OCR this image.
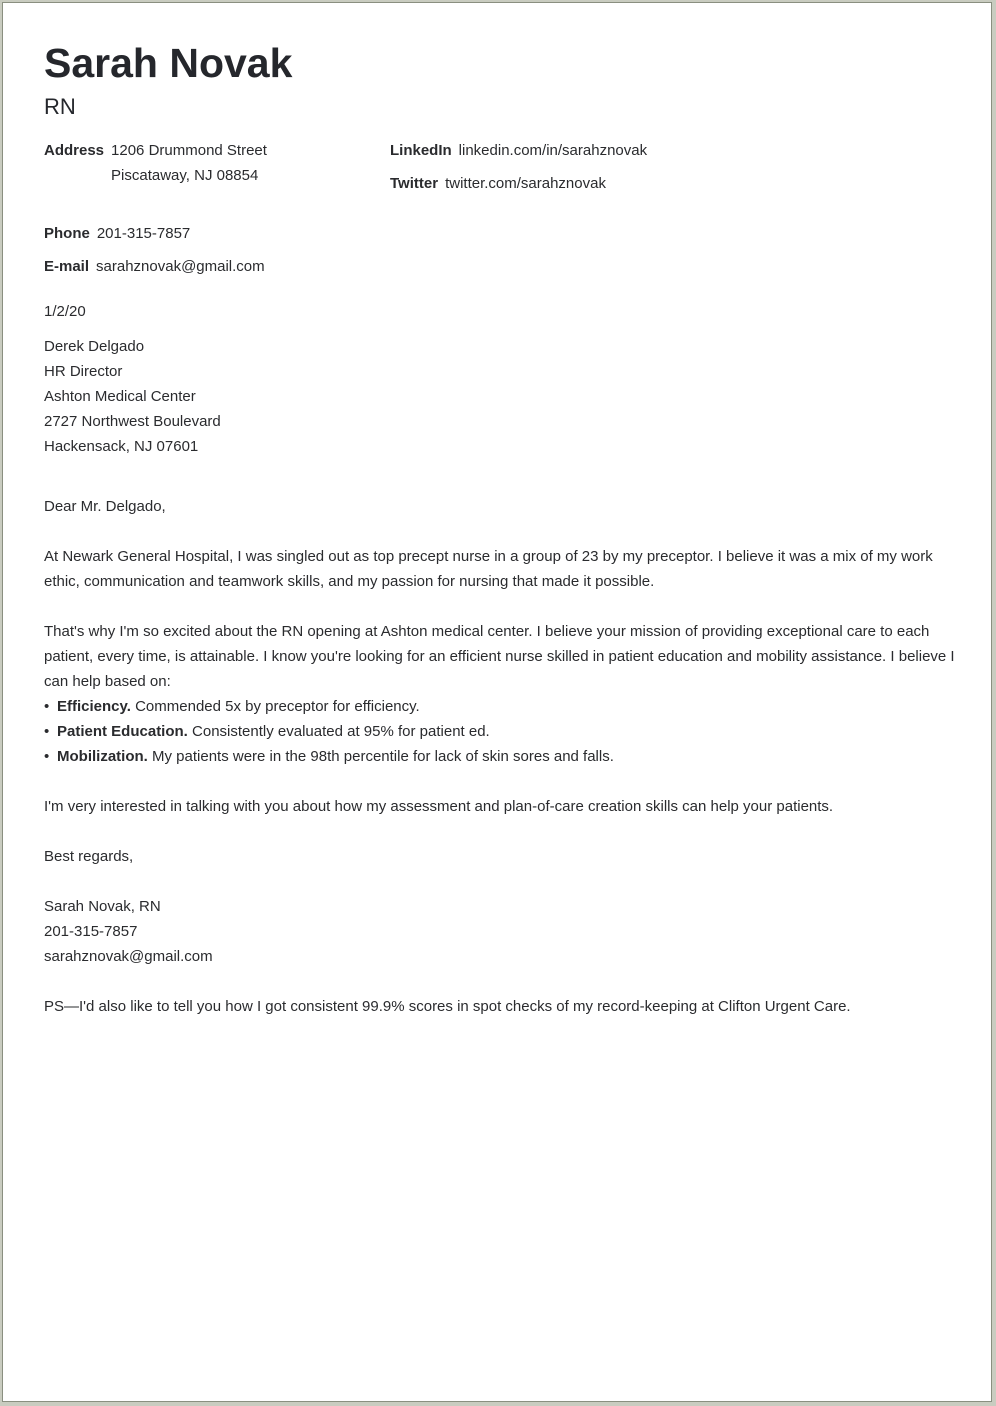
Sarah Novak
RN
Address 1206 Drummond Street
Piscataway, NJ 08854
LinkedIn linkedin.com/in/sarahznovak
Twitter twitter.com/sarahznovak
Phone 201-315-7857
E-mail sarahznovak@gmail.com
1/2/20
Derek Delgado
HR Director
Ashton Medical Center
2727 Northwest Boulevard
Hackensack, NJ 07601
Dear Mr. Delgado,

At Newark General Hospital, I was singled out as top precept nurse in a group of 23 by my preceptor. I believe it was a mix of my work ethic, communication and teamwork skills, and my passion for nursing that made it possible.

That's why I'm so excited about the RN opening at Ashton medical center. I believe your mission of providing exceptional care to each patient, every time, is attainable. I know you're looking for an efficient nurse skilled in patient education and mobility assistance. I believe I can help based on:

• Efficiency. Commended 5x by preceptor for efficiency.
• Patient Education. Consistently evaluated at 95% for patient ed.
• Mobilization. My patients were in the 98th percentile for lack of skin sores and falls.

I'm very interested in talking with you about how my assessment and plan-of-care creation skills can help your patients.

Best regards,
Sarah Novak, RN
201-315-7857
sarahznovak@gmail.com

PS—I'd also like to tell you how I got consistent 99.9% scores in spot checks of my record-keeping at Clifton Urgent Care.
